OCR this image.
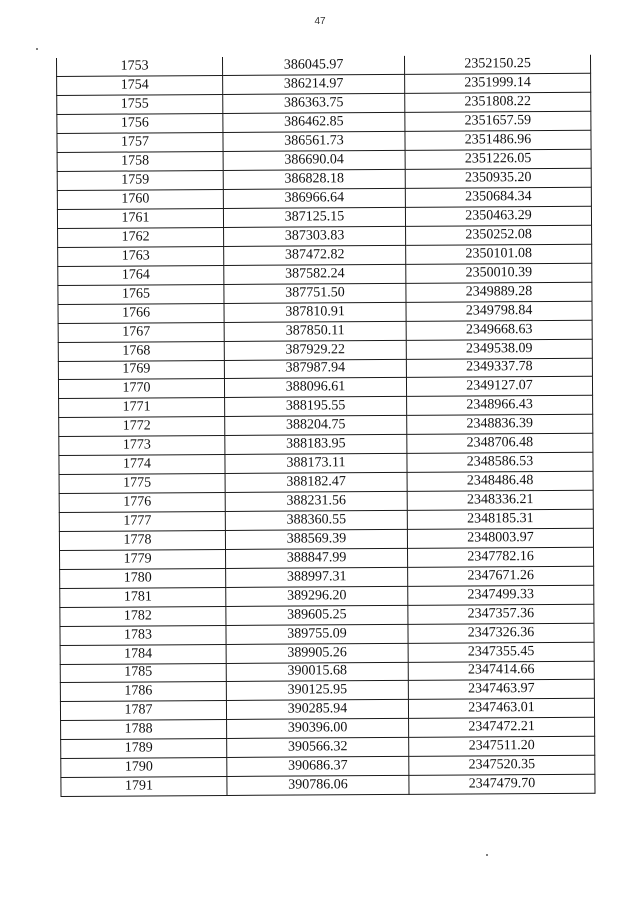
47
1753	386045.97	2352150.25
1754	386214.97	2351999.14
1755	386363.75	2351808.22
1756	386462.85	2351657.59
1757	386561.73	2351486.96
1758	386690.04	2351226.05
1759	386828.18	2350935.20
1760	386966.64	2350684.34
1761	387125.15	2350463.29
1762	387303.83	2350252.08
1763	387472.82	2350101.08
1764	387582.24	2350010.39
1765	387751.50	2349889.28
1766	387810.91	2349798.84
1767	387850.11	2349668.63
1768	387929.22	2349538.09
1769	387987.94	2349337.78
1770	388096.61	2349127.07
1771	388195.55	2348966.43
1772	388204.75	2348836.39
1773	388183.95	2348706.48
1774	388173.11	2348586.53
1775	388182.47	2348486.48
1776	388231.56	2348336.21
1777	388360.55	2348185.31
1778	388569.39	2348003.97
1779	388847.99	2347782.16
1780	388997.31	2347671.26
1781	389296.20	2347499.33
1782	389605.25	2347357.36
1783	389755.09	2347326.36
1784	389905.26	2347355.45
1785	390015.68	2347414.66
1786	390125.95	2347463.97
1787	390285.94	2347463.01
1788	390396.00	2347472.21
1789	390566.32	2347511.20
1790	390686.37	2347520.35
1791	390786.06	2347479.70
